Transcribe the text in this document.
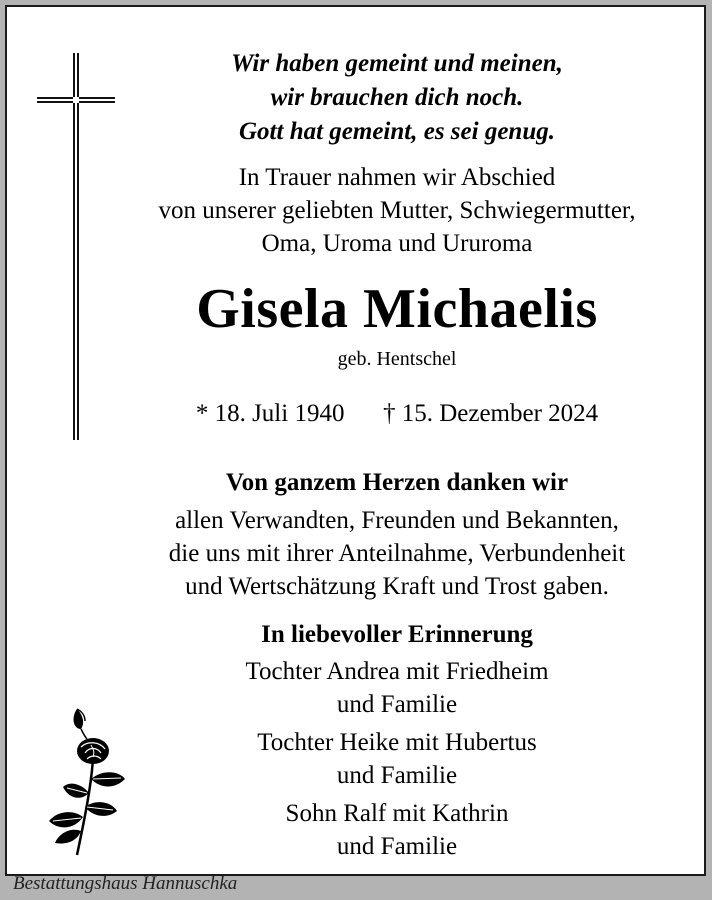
Wir haben gemeint und meinen,
wir brauchen dich noch.
Gott hat gemeint, es sei genug.
In Trauer nahmen wir Abschied
von unserer geliebten Mutter, Schwiegermutter,
Oma, Uroma und Ururoma
Gisela Michaelis
geb. Hentschel
* 18. Juli 1940 † 15. Dezember 2024
Von ganzem Herzen danken wir
allen Verwandten, Freunden und Bekannten,
die uns mit ihrer Anteilnahme, Verbundenheit
und Wertschätzung Kraft und Trost gaben.
In liebevoller Erinnerung
Tochter Andrea mit Friedheim
und Familie
Tochter Heike mit Hubertus
und Familie
Sohn Ralf mit Kathrin
und Familie
Bestattungshaus Hannuschka
